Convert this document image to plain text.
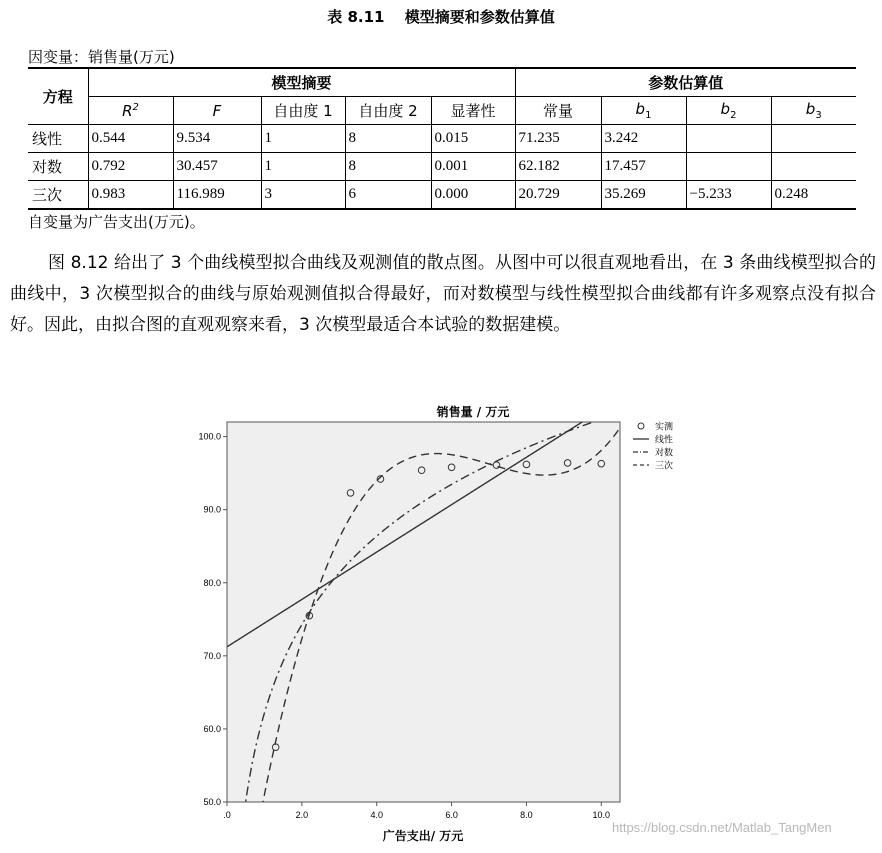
表 8.11　 模型摘要和参数估算值
因变量：销售量(万元)
方程	模型摘要					参数估算值			
	$R^2$	F	自由度 1	自由度 2	显著性	常量	$b_1$	$b_2$	$b_3$
线性	0.544	9.534	1	8	0.015	71.235	3.242		
对数	0.792	30.457	1	8	0.001	62.182	17.457		
三次	0.983	116.989	3	6	0.000	20.729	35.269	−5.233	0.248
自变量为广告支出(万元)。

图 8.12 给出了 3 个曲线模型拟合曲线及观测值的散点图。从图中可以很直观地看出，在 3 条曲线模型拟合的曲线中，3 次模型拟合的曲线与原始观测值拟合得最好，而对数模型与线性模型拟合曲线都有许多观察点没有拟合好。因此，由拟合图的直观观察来看，3 次模型最适合本试验的数据建模。

销售量 / 万元
广告支出/ 万元
.0	2.0	4.0	6.0	8.0	10.0
50.0
60.0
70.0
80.0
90.0
100.0
实测
线性
对数
三次
https://blog.csdn.net/Matlab_TangMen
